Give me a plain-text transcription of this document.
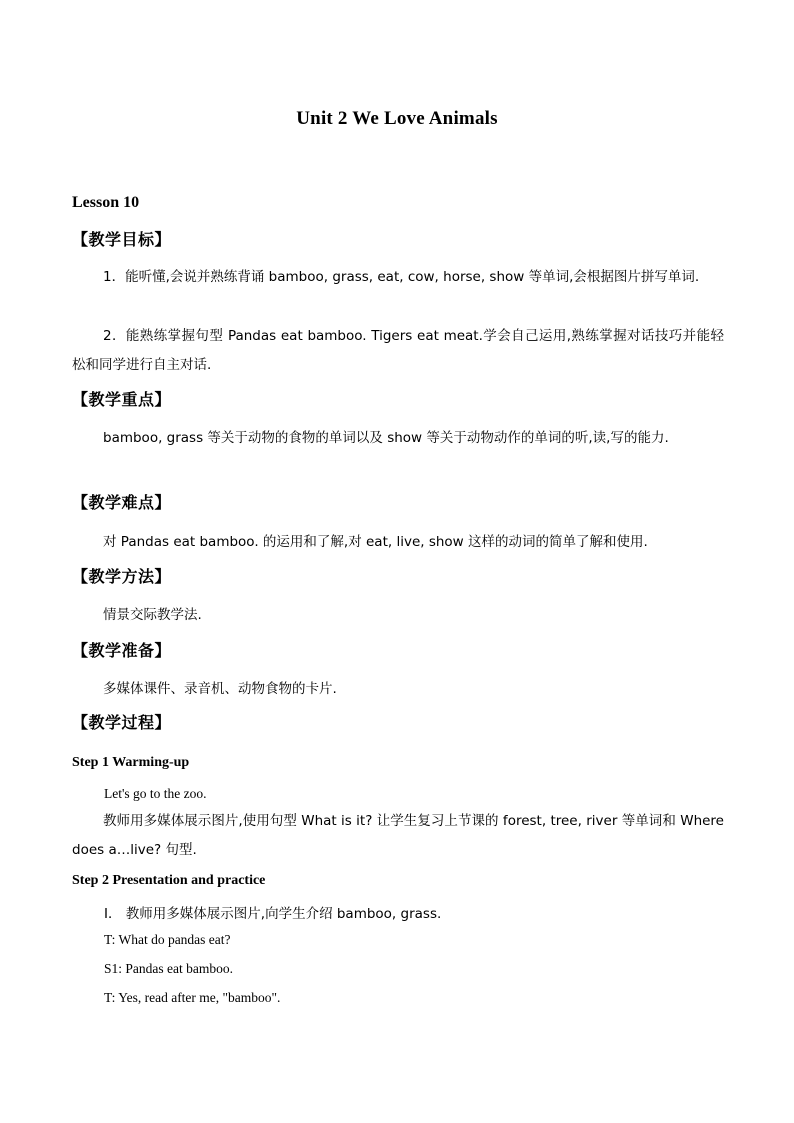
Unit 2 We Love Animals
Lesson 10
【教学目标】
1．能听懂,会说并熟练背诵 bamboo, grass, eat, cow, horse, show 等单词,会根据图片拼写单词.
2．能熟练掌握句型 Pandas eat bamboo. Tigers eat meat.学会自己运用,熟练掌握对话技巧并能轻松和同学进行自主对话.
【教学重点】
bamboo, grass 等关于动物的食物的单词以及 show 等关于动物动作的单词的听,读,写的能力.
【教学难点】
对 Pandas eat bamboo. 的运用和了解,对 eat, live, show 这样的动词的简单了解和使用.
【教学方法】
情景交际教学法.
【教学准备】
多媒体课件、录音机、动物食物的卡片.
【教学过程】
Step 1 Warming-up
Let's go to the zoo.
教师用多媒体展示图片,使用句型 What is it? 让学生复习上节课的 forest, tree, river 等单词和 Where does a…live? 句型.
Step 2 Presentation and practice
Ⅰ． 教师用多媒体展示图片,向学生介绍 bamboo, grass.
T: What do pandas eat?
S1: Pandas eat bamboo.
T: Yes, read after me, "bamboo".
